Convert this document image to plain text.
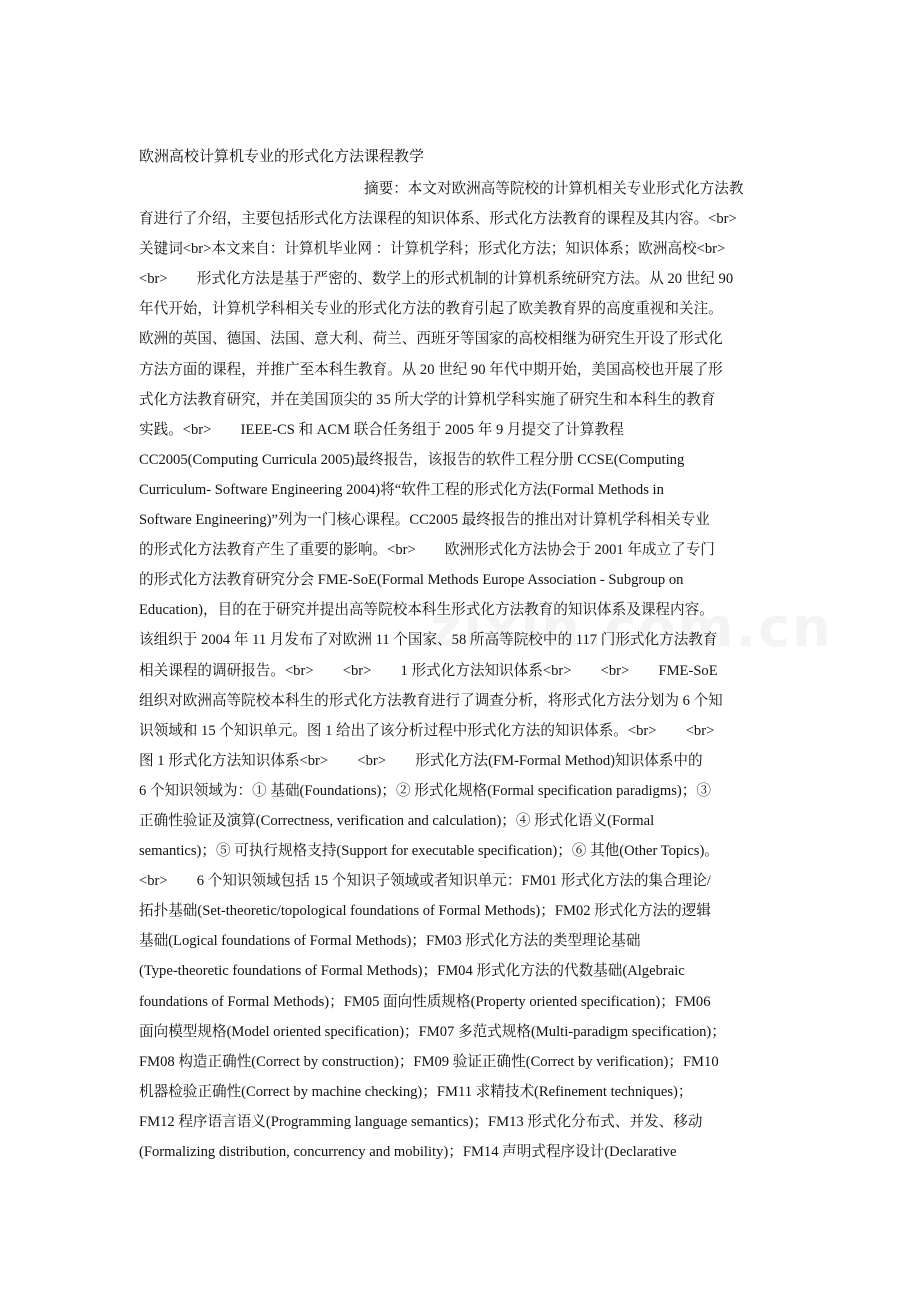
欧洲高校计算机专业的形式化方法课程教学
摘要：本文对欧洲高等院校的计算机相关专业形式化方法教
育进行了介绍，主要包括形式化方法课程的知识体系、形式化方法教育的课程及其内容。<br>
关键词<br>本文来自：计算机毕业网 ：计算机学科；形式化方法；知识体系；欧洲高校<br>
<br>　　形式化方法是基于严密的、数学上的形式机制的计算机系统研究方法。从 20 世纪 90
年代开始，计算机学科相关专业的形式化方法的教育引起了欧美教育界的高度重视和关注。
欧洲的英国、德国、法国、意大利、荷兰、西班牙等国家的高校相继为研究生开设了形式化
方法方面的课程，并推广至本科生教育。从 20 世纪 90 年代中期开始，美国高校也开展了形
式化方法教育研究，并在美国顶尖的 35 所大学的计算机学科实施了研究生和本科生的教育
实践。<br>　　IEEE-CS 和 ACM 联合任务组于 2005 年 9 月提交了计算教程
CC2005(Computing Curricula 2005)最终报告，该报告的软件工程分册 CCSE(Computing
Curriculum- Software Engineering 2004)将“软件工程的形式化方法(Formal Methods in
Software Engineering)”列为一门核心课程。CC2005 最终报告的推出对计算机学科相关专业
的形式化方法教育产生了重要的影响。<br>　　欧洲形式化方法协会于 2001 年成立了专门
的形式化方法教育研究分会 FME-SoE(Formal Methods Europe Association - Subgroup on
Education)，目的在于研究并提出高等院校本科生形式化方法教育的知识体系及课程内容。
该组织于 2004 年 11 月发布了对欧洲 11 个国家、58 所高等院校中的 117 门形式化方法教育
相关课程的调研报告。<br>　　<br>　　1 形式化方法知识体系<br>　　<br>　　FME-SoE
组织对欧洲高等院校本科生的形式化方法教育进行了调查分析，将形式化方法分划为 6 个知
识领域和 15 个知识单元。图 1 给出了该分析过程中形式化方法的知识体系。<br>　　<br>
图 1 形式化方法知识体系<br>　　<br>　　形式化方法(FM-Formal Method)知识体系中的
6 个知识领域为：① 基础(Foundations)；② 形式化规格(Formal specification paradigms)；③
正确性验证及演算(Correctness, verification and calculation)；④ 形式化语义(Formal
semantics)；⑤ 可执行规格支持(Support for executable specification)；⑥ 其他(Other Topics)。
<br>　　6 个知识领域包括 15 个知识子领域或者知识单元：FM01 形式化方法的集合理论/
拓扑基础(Set-theoretic/topological foundations of Formal Methods)；FM02 形式化方法的逻辑
基础(Logical foundations of Formal Methods)；FM03 形式化方法的类型理论基础
(Type-theoretic foundations of Formal Methods)；FM04 形式化方法的代数基础(Algebraic
foundations of Formal Methods)；FM05 面向性质规格(Property oriented specification)；FM06
面向模型规格(Model oriented specification)；FM07 多范式规格(Multi-paradigm specification)；
FM08 构造正确性(Correct by construction)；FM09 验证正确性(Correct by verification)；FM10
机器检验正确性(Correct by machine checking)；FM11 求精技术(Refinement techniques)；
FM12 程序语言语义(Programming language semantics)；FM13 形式化分布式、并发、移动
(Formalizing distribution, concurrency and mobility)；FM14 声明式程序设计(Declarative
